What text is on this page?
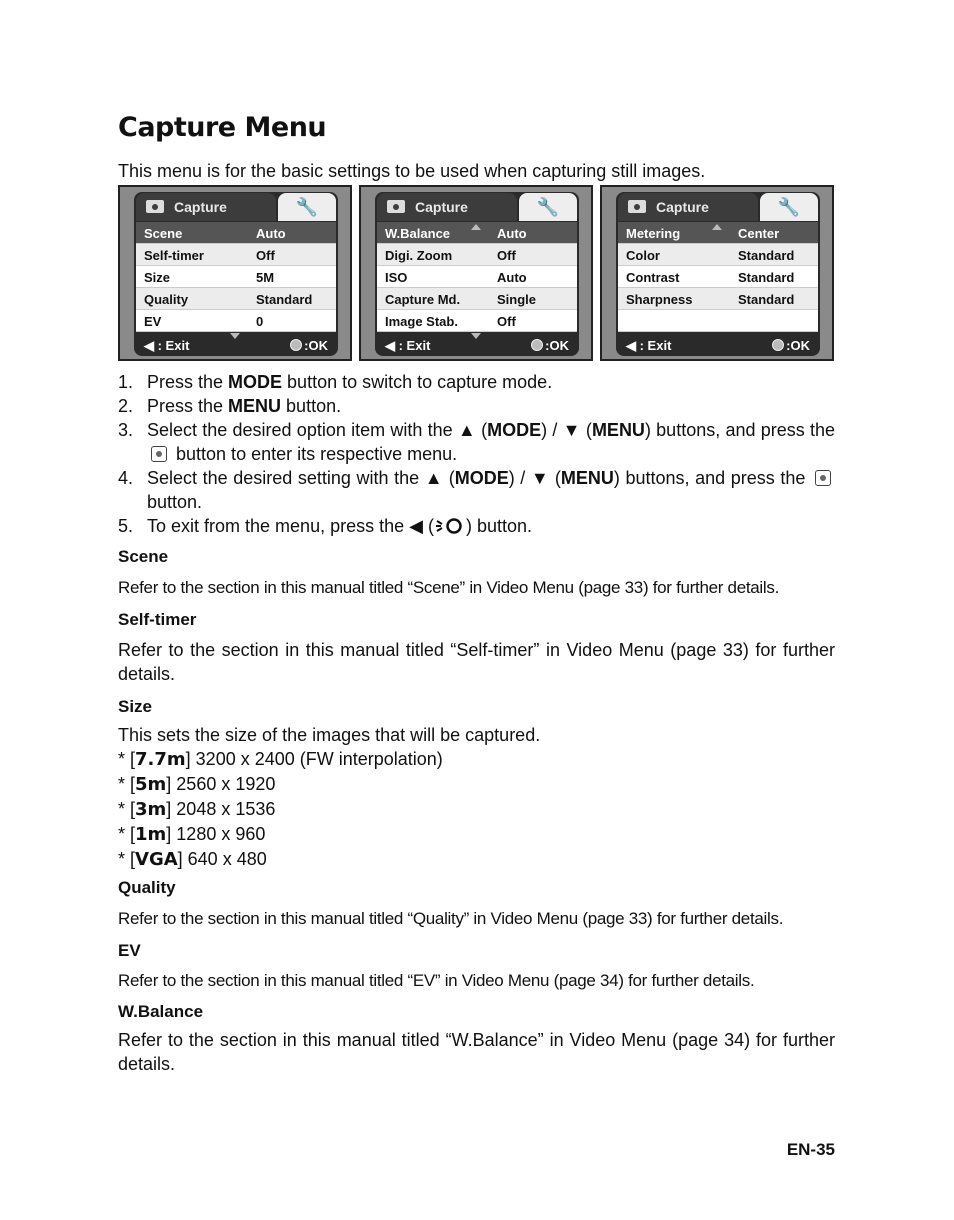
Capture Menu
This menu is for the basic settings to be used when capturing still images.
Capture	🔧
Scene	Auto
Self-timer	Off
Size	5M
Quality	Standard
EV	0
◀ : Exit	:OK
Capture	🔧
W.Balance	Auto
Digi. Zoom	Off
ISO	Auto
Capture Md.	Single
Image Stab.	Off
◀ : Exit	:OK
Capture	🔧
Metering	Center
Color	Standard
Contrast	Standard
Sharpness	Standard
◀ : Exit	:OK
1. Press the MODE button to switch to capture mode.
2. Press the MENU button.
3. Select the desired option item with the ▲ (MODE) / ▼ (MENU) buttons, and press the  button to enter its respective menu.
4. Select the desired setting with the ▲ (MODE) / ▼ (MENU) buttons, and press the  button.
5. To exit from the menu, press the ◀ ( ) button.
Scene
Refer to the section in this manual titled “Scene” in Video Menu (page 33) for further details.
Self-timer
Refer to the section in this manual titled “Self-timer” in Video Menu (page 33) for further details.
Size
This sets the size of the images that will be captured.
* [7.7m] 3200 x 2400 (FW interpolation)
* [5m] 2560 x 1920
* [3m] 2048 x 1536
* [1m] 1280 x 960
* [VGA] 640 x 480
Quality
Refer to the section in this manual titled “Quality” in Video Menu (page 33) for further details.
EV
Refer to the section in this manual titled “EV” in Video Menu (page 34) for further details.
W.Balance
Refer to the section in this manual titled “W.Balance” in Video Menu (page 34) for further details.
EN-35
